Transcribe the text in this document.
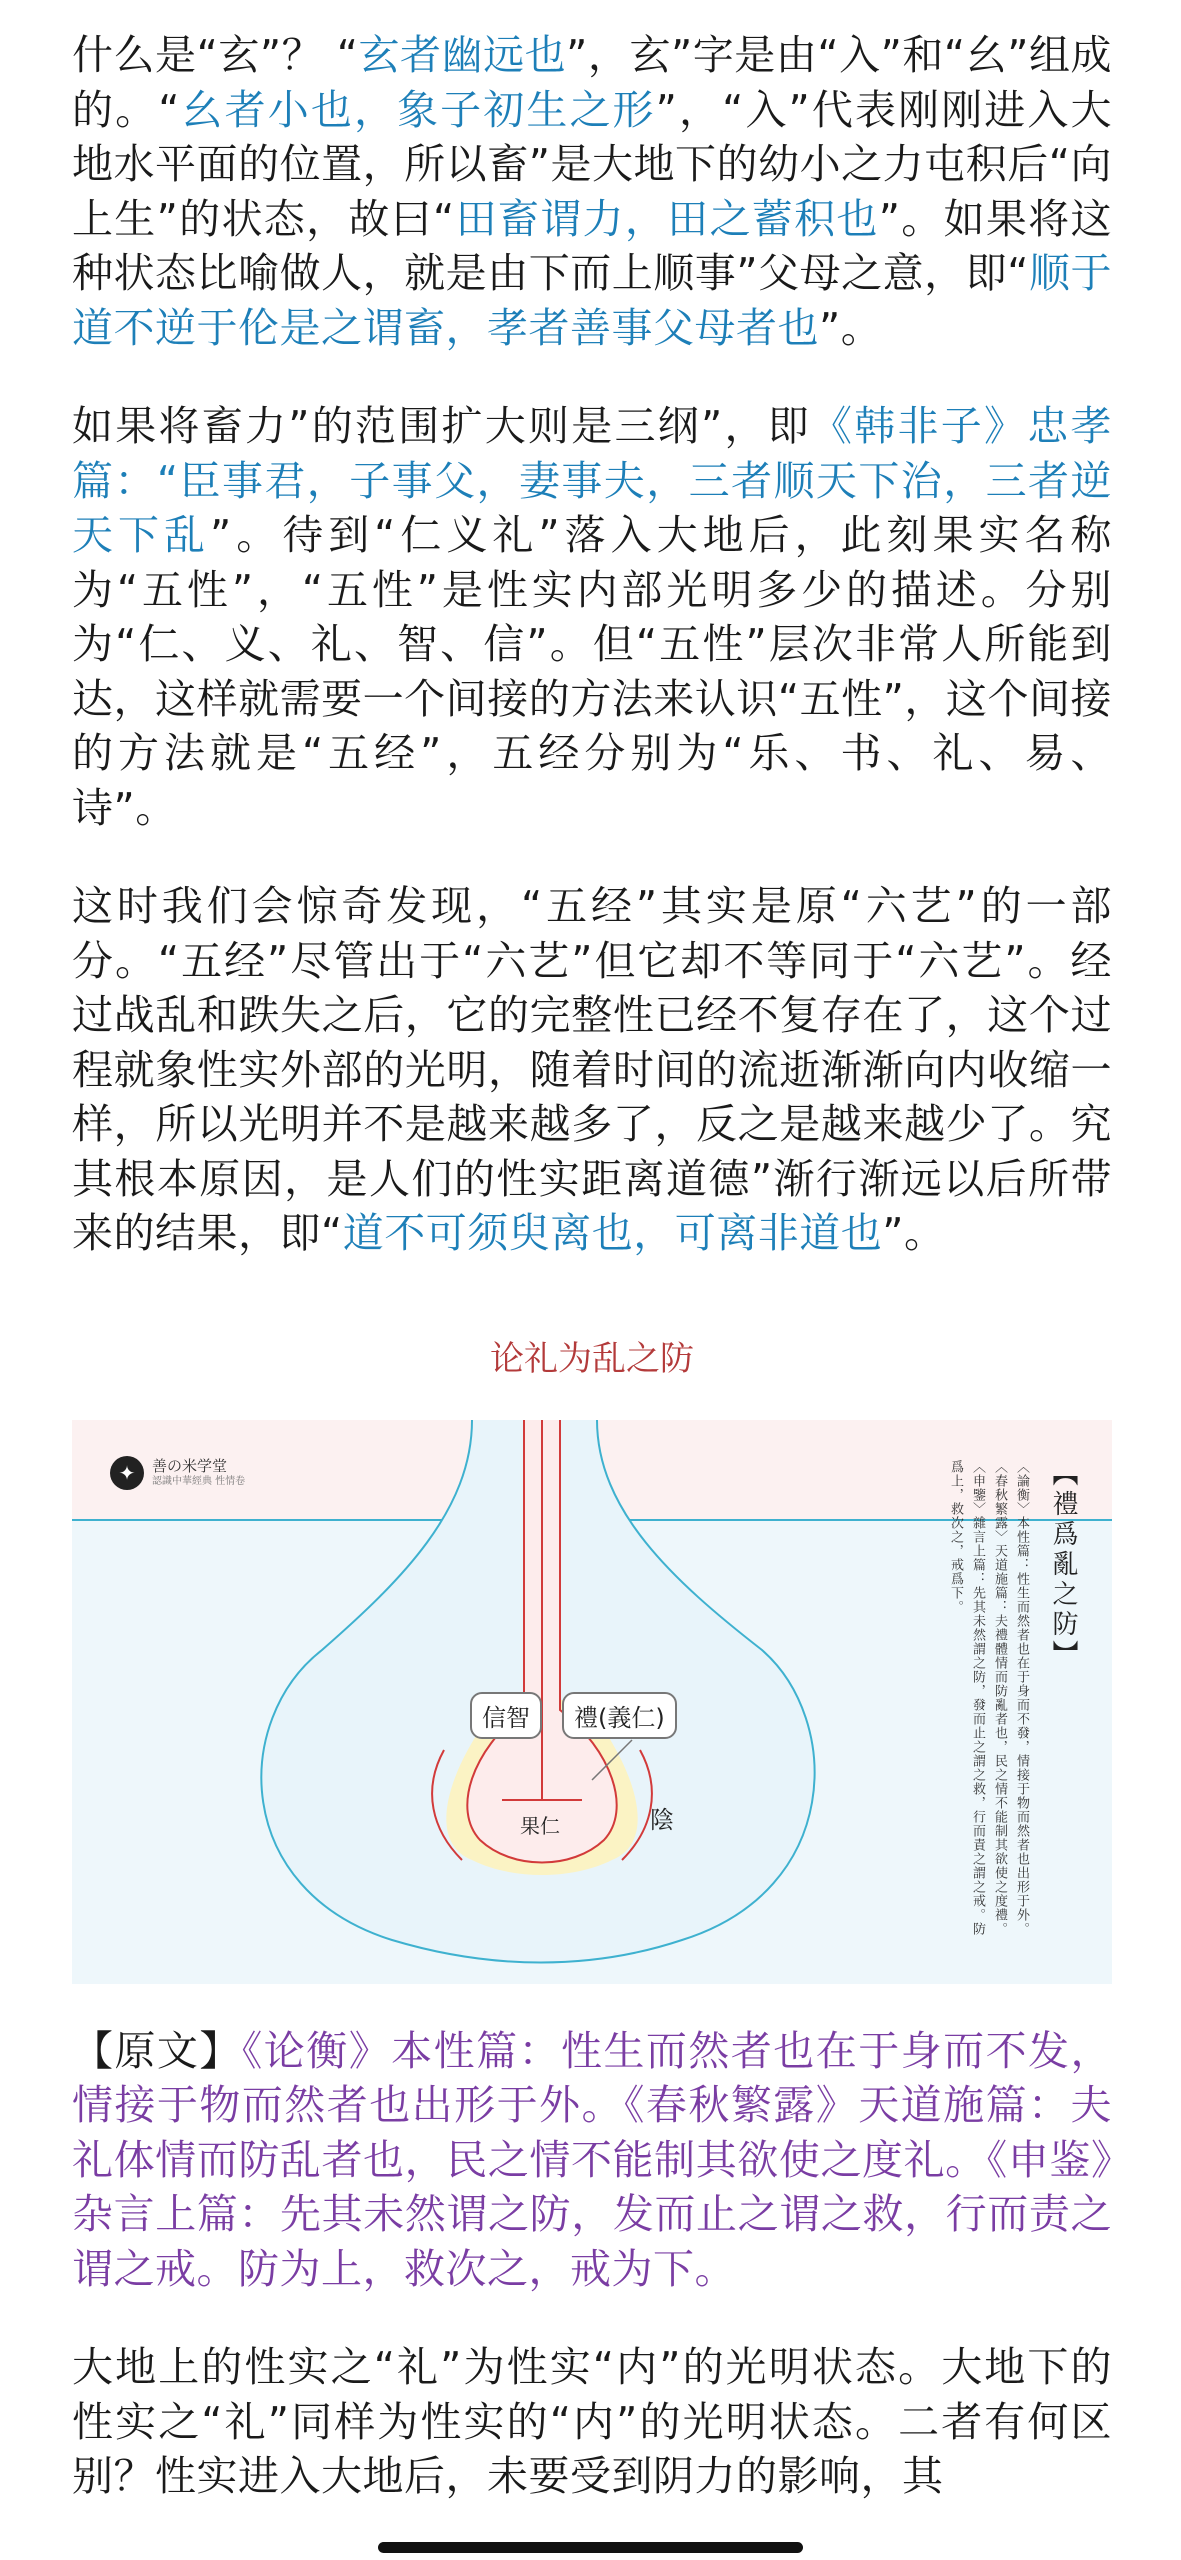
什么是“玄”？ “玄者幽远也”，玄”字是由“入”和“幺”组成的。“幺者小也，象子初生之形”，“入”代表刚刚进入大地水平面的位置，所以畜”是大地下的幼小之力屯积后“向上生”的状态，故曰“田畜谓力，田之蓄积也”。如果将这种状态比喻做人，就是由下而上顺事”父母之意，即“顺于道不逆于伦是之谓畜，孝者善事父母者也”。

如果将畜力”的范围扩大则是三纲”，即《韩非子》忠孝篇：“臣事君，子事父，妻事夫，三者顺天下治，三者逆天下乱”。待到“仁义礼”落入大地后，此刻果实名称为“五性”，“五性”是性实内部光明多少的描述。分别为“仁、义、礼、智、信”。但“五性”层次非常人所能到达，这样就需要一个间接的方法来认识“五性”，这个间接的方法就是“五经”，五经分别为“乐、书、礼、易、诗”。

这时我们会惊奇发现，“五经”其实是原“六艺”的一部分。“五经”尽管出于“六艺”但它却不等同于“六艺”。经过战乱和跌失之后，它的完整性已经不复存在了，这个过程就象性实外部的光明，随着时间的流逝渐渐向内收缩一样，所以光明并不是越来越多了，反之是越来越少了。究其根本原因，是人们的性实距离道德”渐行渐远以后所带来的结果，即“道不可须臾离也，可离非道也”。

论礼为乱之防
✦	善の米学堂
認識中華經典 性情卷
信智	禮(義仁)
果仁	陰
【禮爲亂之防】
〈論衡〉本性篇：性生而然者也在于身而不發，情接于物而然者也出形于外。〈春秋繁露〉天道施篇：夫禮體情而防亂者也，民之情不能制其欲使之度禮。〈申鑒〉雜言上篇：先其未然謂之防，發而止之謂之救，行而責之謂之戒。防爲上，救次之，戒爲下。

【原文】《论衡》本性篇：性生而然者也在于身而不发，情接于物而然者也出形于外。《春秋繁露》天道施篇：夫礼体情而防乱者也，民之情不能制其欲使之度礼。《申鉴》杂言上篇：先其未然谓之防，发而止之谓之救，行而责之谓之戒。防为上，救次之，戒为下。

大地上的性实之“礼”为性实“内”的光明状态。大地下的性实之“礼”同样为性实的“内”的光明状态。二者有何区别？性实进入大地后，未要受到阴力的影响，其
